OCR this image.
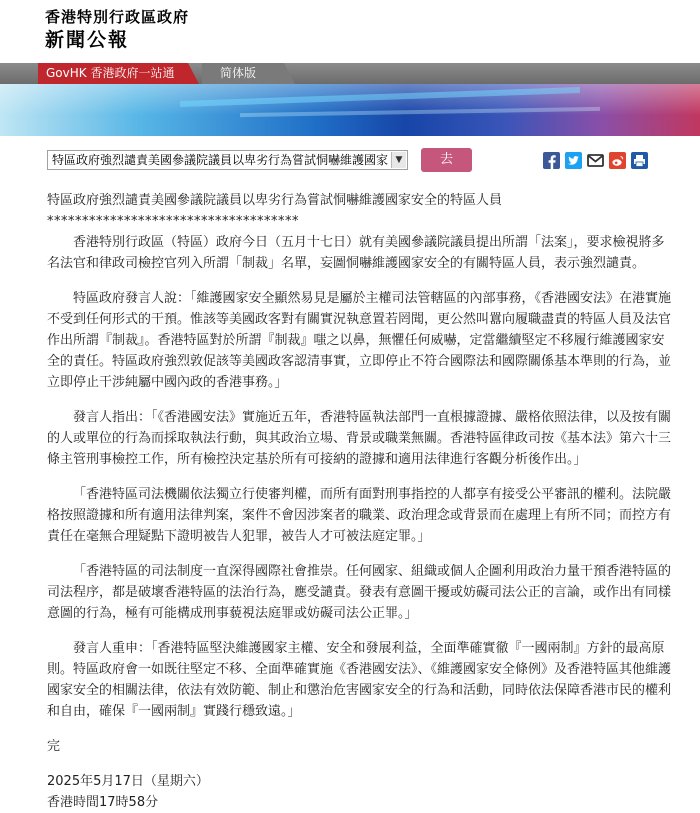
香港特別行政區政府
新聞公報
GovHK 香港政府一站通	简体版
特區政府強烈譴責美國參議院議員以卑劣行為嘗試恫嚇維護國家 ▼	去

特區政府強烈譴責美國參議院議員以卑劣行為嘗試恫嚇維護國家安全的特區人員

************************************

香港特別行政區（特區）政府今日（五月十七日）就有美國參議院議員提出所謂「法案」，要求檢視將多名法官和律政司檢控官列入所謂「制裁」名單，妄圖恫嚇維護國家安全的有關特區人員，表示強烈譴責。

特區政府發言人說：「維護國家安全顯然易見是屬於主權司法管轄區的內部事務，《香港國安法》在港實施不受到任何形式的干預。惟該等美國政客對有關實況執意置若罔聞，更公然叫囂向履職盡責的特區人員及法官作出所謂『制裁』。香港特區對於所謂『制裁』嗤之以鼻，無懼任何威嚇，定當繼續堅定不移履行維護國家安全的責任。特區政府強烈敦促該等美國政客認清事實，立即停止不符合國際法和國際關係基本準則的行為，並立即停止干涉純屬中國內政的香港事務。」

發言人指出：「《香港國安法》實施近五年，香港特區執法部門一直根據證據、嚴格依照法律，以及按有關的人或單位的行為而採取執法行動，與其政治立場、背景或職業無關。香港特區律政司按《基本法》第六十三條主管刑事檢控工作，所有檢控決定基於所有可接納的證據和適用法律進行客觀分析後作出。」

「香港特區司法機關依法獨立行使審判權，而所有面對刑事指控的人都享有接受公平審訊的權利。法院嚴格按照證據和所有適用法律判案，案件不會因涉案者的職業、政治理念或背景而在處理上有所不同；而控方有責任在毫無合理疑點下證明被告人犯罪，被告人才可被法庭定罪。」

「香港特區的司法制度一直深得國際社會推崇。任何國家、組織或個人企圖利用政治力量干預香港特區的司法程序，都是破壞香港特區的法治行為，應受譴責。發表有意圖干擾或妨礙司法公正的言論，或作出有同樣意圖的行為，極有可能構成刑事藐視法庭罪或妨礙司法公正罪。」

發言人重申：「香港特區堅決維護國家主權、安全和發展利益，全面準確實徹『一國兩制』方針的最高原則。特區政府會一如既往堅定不移、全面準確實施《香港國安法》、《維護國家安全條例》及香港特區其他維護國家安全的相關法律，依法有效防範、制止和懲治危害國家安全的行為和活動，同時依法保障香港市民的權利和自由，確保『一國兩制』實踐行穩致遠。」

完

2025年5月17日（星期六）

香港時間17時58分
